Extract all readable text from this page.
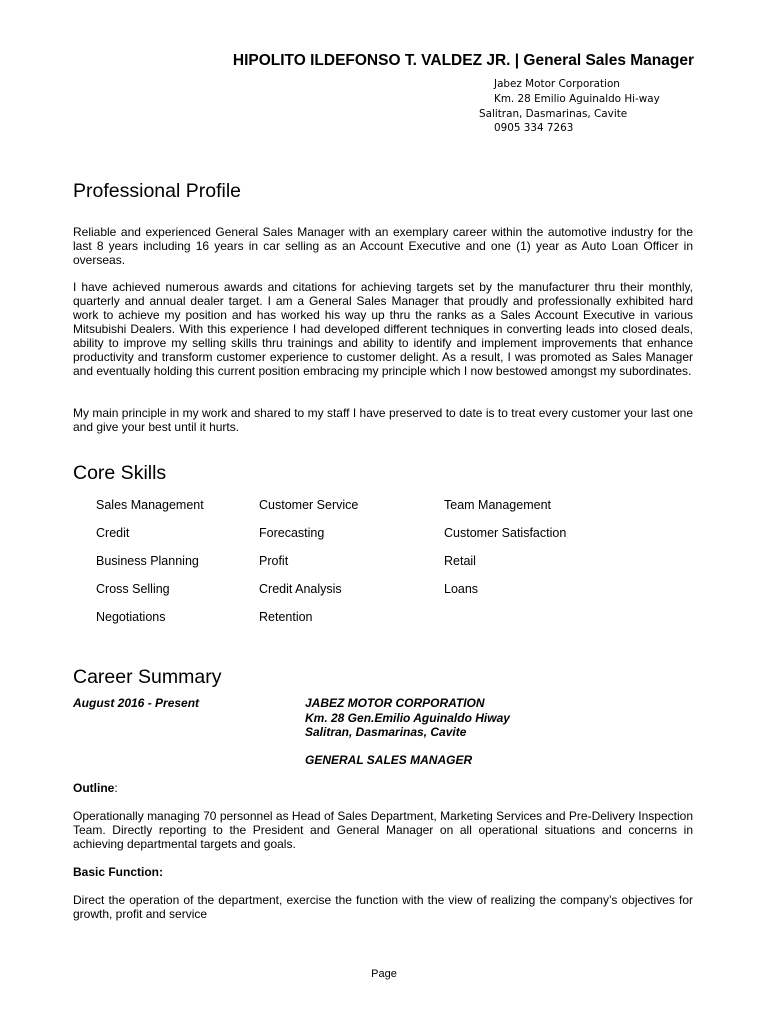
HIPOLITO ILDEFONSO T. VALDEZ JR. | General Sales Manager
Jabez Motor Corporation
Km. 28 Emilio Aguinaldo Hi-way
Salitran, Dasmarinas, Cavite
0905 334 7263
Professional Profile

Reliable and experienced General Sales Manager with an exemplary career within the automotive industry for the last 8 years including 16 years in car selling as an Account Executive and one (1) year as Auto Loan Officer in overseas.

I have achieved numerous awards and citations for achieving targets set by the manufacturer thru their monthly, quarterly and annual dealer target. I am a General Sales Manager that proudly and professionally exhibited hard work to achieve my position and has worked his way up thru the ranks as a Sales Account Executive in various Mitsubishi Dealers. With this experience I had developed different techniques in converting leads into closed deals, ability to improve my selling skills thru trainings and ability to identify and implement improvements that enhance productivity and transform customer experience to customer delight. As a result, I was promoted as Sales Manager and eventually holding this current position embracing my principle which I now bestowed amongst my subordinates.

My main principle in my work and shared to my staff I have preserved to date is to treat every customer your last one and give your best until it hurts.

Core Skills
Sales Management	Customer Service	Team Management
Credit	Forecasting	Customer Satisfaction
Business Planning	Profit	Retail
Cross Selling	Credit Analysis	Loans
Negotiations	Retention
Career Summary
August 2016 - Present	JABEZ MOTOR CORPORATION
Km. 28 Gen.Emilio Aguinaldo Hiway
Salitran, Dasmarinas, Cavite
GENERAL SALES MANAGER
Outline:

Operationally managing 70 personnel as Head of Sales Department, Marketing Services and Pre-Delivery Inspection Team. Directly reporting to the President and General Manager on all operational situations and concerns in achieving departmental targets and goals.

Basic Function:

Direct the operation of the department, exercise the function with the view of realizing the company’s objectives for growth, profit and service

Page
